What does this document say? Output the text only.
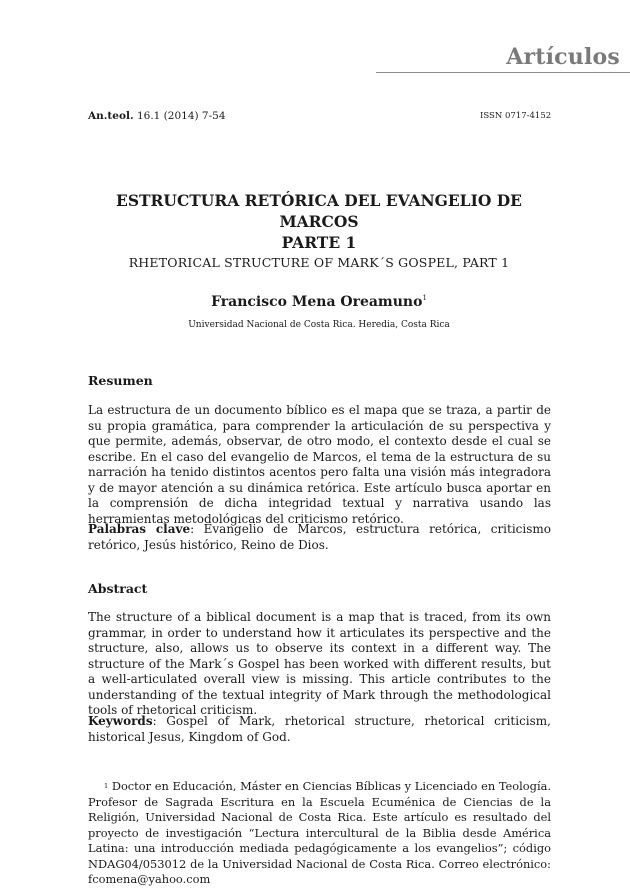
Artículos
An.teol. 16.1 (2014) 7-54	ISSN 0717-4152
ESTRUCTURA RETÓRICA DEL EVANGELIO DE MARCOS
PARTE 1
RHETORICAL STRUCTURE OF MARK´S GOSPEL, PART 1
Francisco Mena Oreamuno$^1$
Universidad Nacional de Costa Rica. Heredia, Costa Rica
Resumen

La estructura de un documento bíblico es el mapa que se traza, a partir de su propia gramática, para comprender la articulación de su perspectiva y que permite, además, observar, de otro modo, el contexto desde el cual se escribe. En el caso del evangelio de Marcos, el tema de la estructura de su narración ha tenido distintos acentos pero falta una visión más integradora y de mayor atención a su dinámica retórica. Este artículo busca aportar en la comprensión de dicha integridad textual y narrativa usando las herramientas metodológicas del criticismo retórico.

Palabras clave: Evangelio de Marcos, estructura retórica, criticismo retórico, Jesús histórico, Reino de Dios.

Abstract

The structure of a biblical document is a map that is traced, from its own grammar, in order to understand how it articulates its perspective and the structure, also, allows us to observe its context in a different way. The structure of the Mark´s Gospel has been worked with different results, but a well-articulated overall view is missing. This article contributes to the understanding of the textual integrity of Mark through the methodological tools of rhetorical criticism.

Keywords: Gospel of Mark, rhetorical structure, rhetorical criticism, historical Jesus, Kingdom of God.

$^1$ Doctor en Educación, Máster en Ciencias Bíblicas y Licenciado en Teología. Profesor de Sagrada Escritura en la Escuela Ecuménica de Ciencias de la Religión, Universidad Nacional de Costa Rica. Este artículo es resultado del proyecto de investigación “Lectura intercultural de la Biblia desde América Latina: una introducción mediada pedagógicamente a los evangelios”; código NDAG04/053012 de la Universidad Nacional de Costa Rica. Correo electrónico: fcomena@yahoo.com
